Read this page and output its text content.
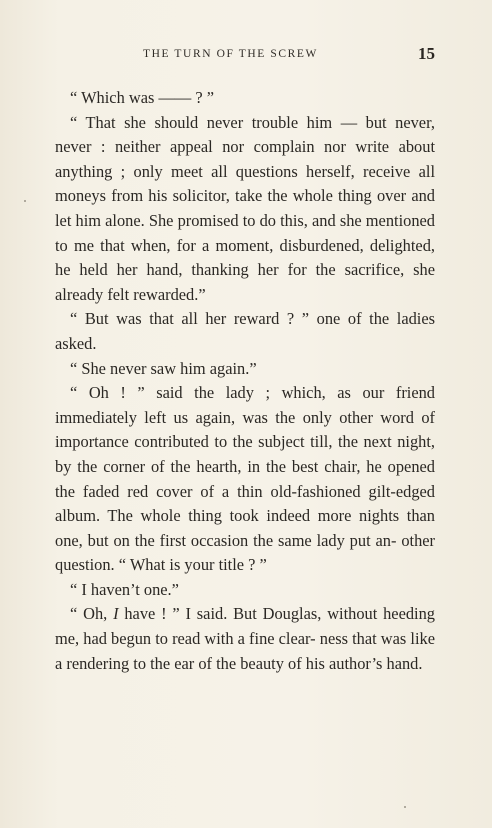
THE TURN OF THE SCREW	15

“ Which was —— ? ”

“ That she should never trouble him — but never, never : neither appeal nor complain nor write about anything ; only meet all questions herself, receive all moneys from his solicitor, take the whole thing over and let him alone. She promised to do this, and she mentioned to me that when, for a moment, disburdened, delighted, he held her hand, thanking her for the sacrifice, she already felt rewarded.”

“ But was that all her reward ? ” one of the ladies asked.

“ She never saw him again.”

“ Oh ! ” said the lady ; which, as our friend immediately left us again, was the only other word of importance contributed to the subject till, the next night, by the corner of the hearth, in the best chair, he opened the faded red cover of a thin old-fashioned gilt-edged album. The whole thing took indeed more nights than one, but on the first occasion the same lady put an- other question. “ What is your title ? ”

“ I haven’t one.”

“ Oh, I have ! ” I said. But Douglas, without heeding me, had begun to read with a fine clear- ness that was like a rendering to the ear of the beauty of his author’s hand.
